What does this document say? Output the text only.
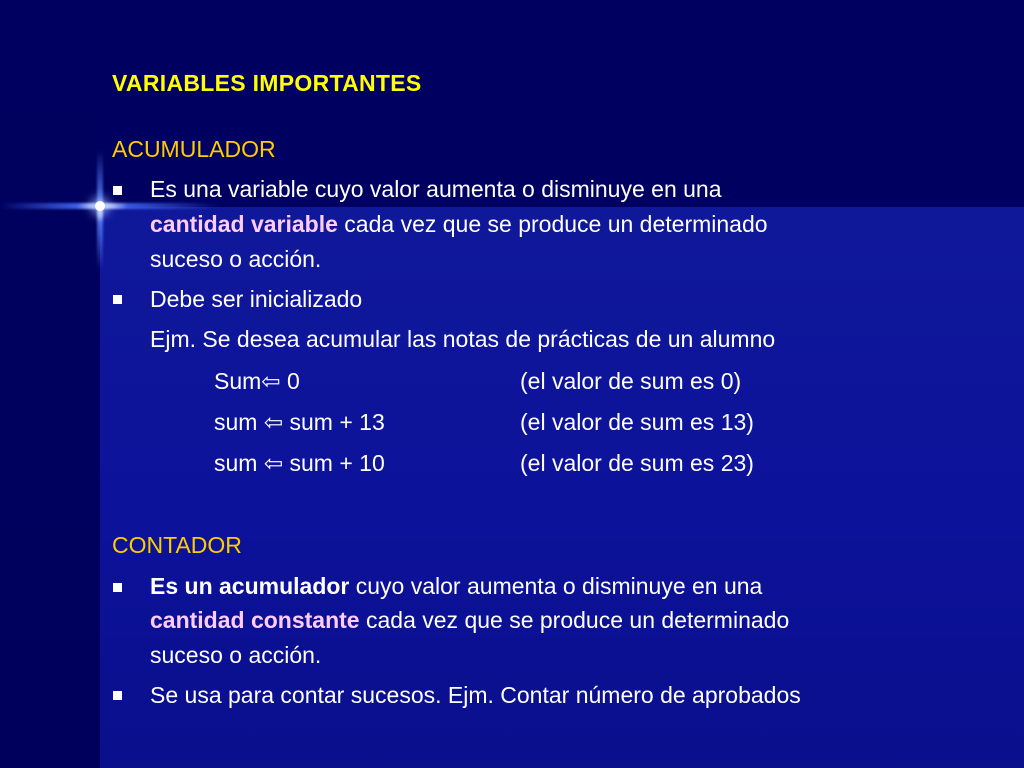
VARIABLES IMPORTANTES
ACUMULADOR
Es una variable cuyo valor aumenta o disminuye en una
cantidad variable cada vez que se produce un determinado
suceso o acción.
Debe ser inicializado
Ejm. Se desea acumular las notas de prácticas de un alumno
Sum⇦ 0	(el valor de sum es 0)
sum ⇦ sum + 13	(el valor de sum es 13)
sum ⇦ sum + 10	(el valor de sum es 23)
CONTADOR
Es un acumulador cuyo valor aumenta o disminuye en una
cantidad constante cada vez que se produce un determinado
suceso o acción.
Se usa para contar sucesos. Ejm. Contar número de aprobados
